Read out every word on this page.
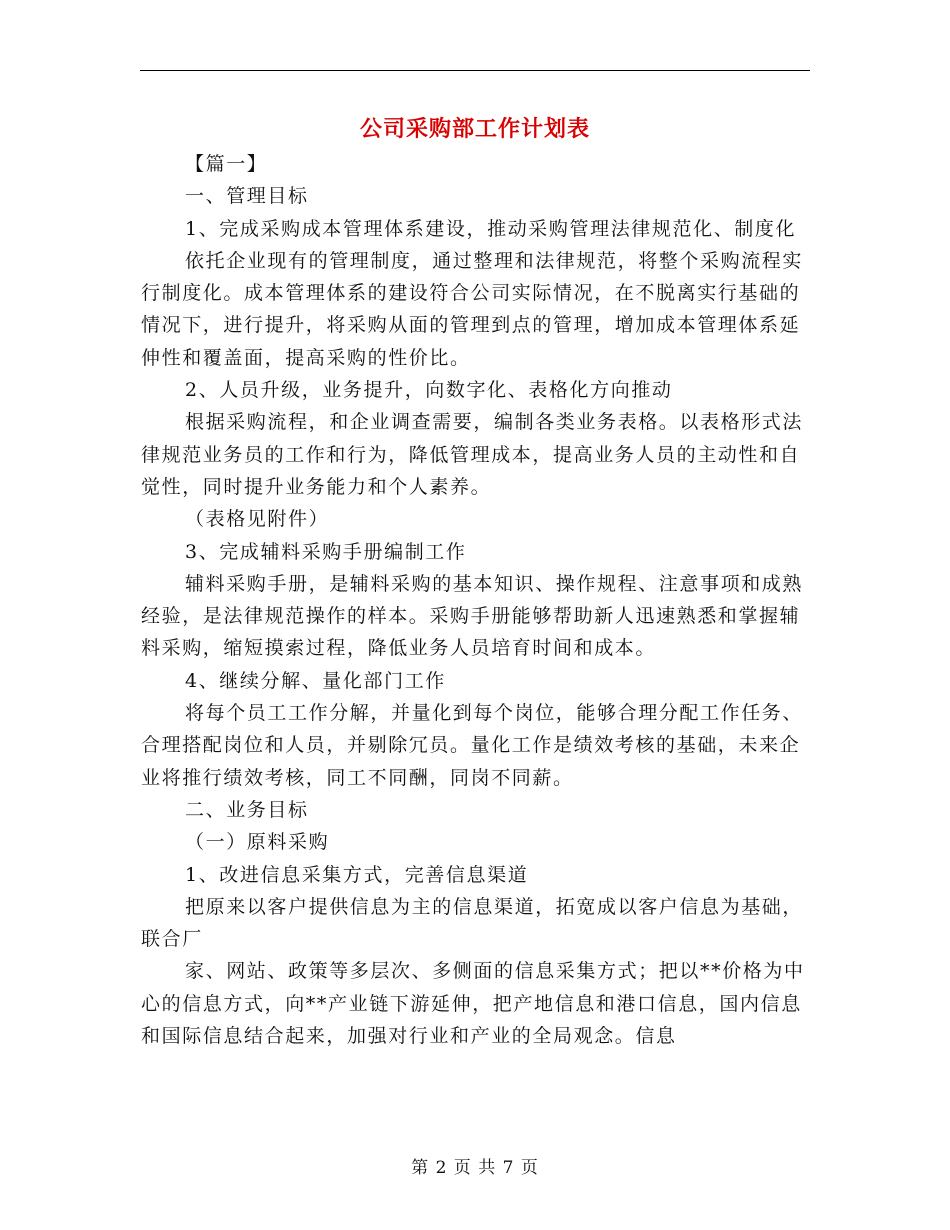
公司采购部工作计划表

【篇一】

一、管理目标

1、完成采购成本管理体系建设，推动采购管理法律规范化、制度化

依托企业现有的管理制度，通过整理和法律规范，将整个采购流程实行制度化。成本管理体系的建设符合公司实际情况，在不脱离实行基础的情况下，进行提升，将采购从面的管理到点的管理，增加成本管理体系延伸性和覆盖面，提高采购的性价比。

2、人员升级，业务提升，向数字化、表格化方向推动

根据采购流程，和企业调查需要，编制各类业务表格。以表格形式法律规范业务员的工作和行为，降低管理成本，提高业务人员的主动性和自觉性，同时提升业务能力和个人素养。

（表格见附件）

3、完成辅料采购手册编制工作

辅料采购手册，是辅料采购的基本知识、操作规程、注意事项和成熟经验，是法律规范操作的样本。采购手册能够帮助新人迅速熟悉和掌握辅料采购，缩短摸索过程，降低业务人员培育时间和成本。

4、继续分解、量化部门工作

将每个员工工作分解，并量化到每个岗位，能够合理分配工作任务、合理搭配岗位和人员，并剔除冗员。量化工作是绩效考核的基础，未来企业将推行绩效考核，同工不同酬，同岗不同薪。

二、业务目标

（一）原料采购

1、改进信息采集方式，完善信息渠道

把原来以客户提供信息为主的信息渠道，拓宽成以客户信息为基础，联合厂

家、网站、政策等多层次、多侧面的信息采集方式；把以**价格为中心的信息方式，向**产业链下游延伸，把产地信息和港口信息，国内信息和国际信息结合起来，加强对行业和产业的全局观念。信息

第 2 页 共 7 页
